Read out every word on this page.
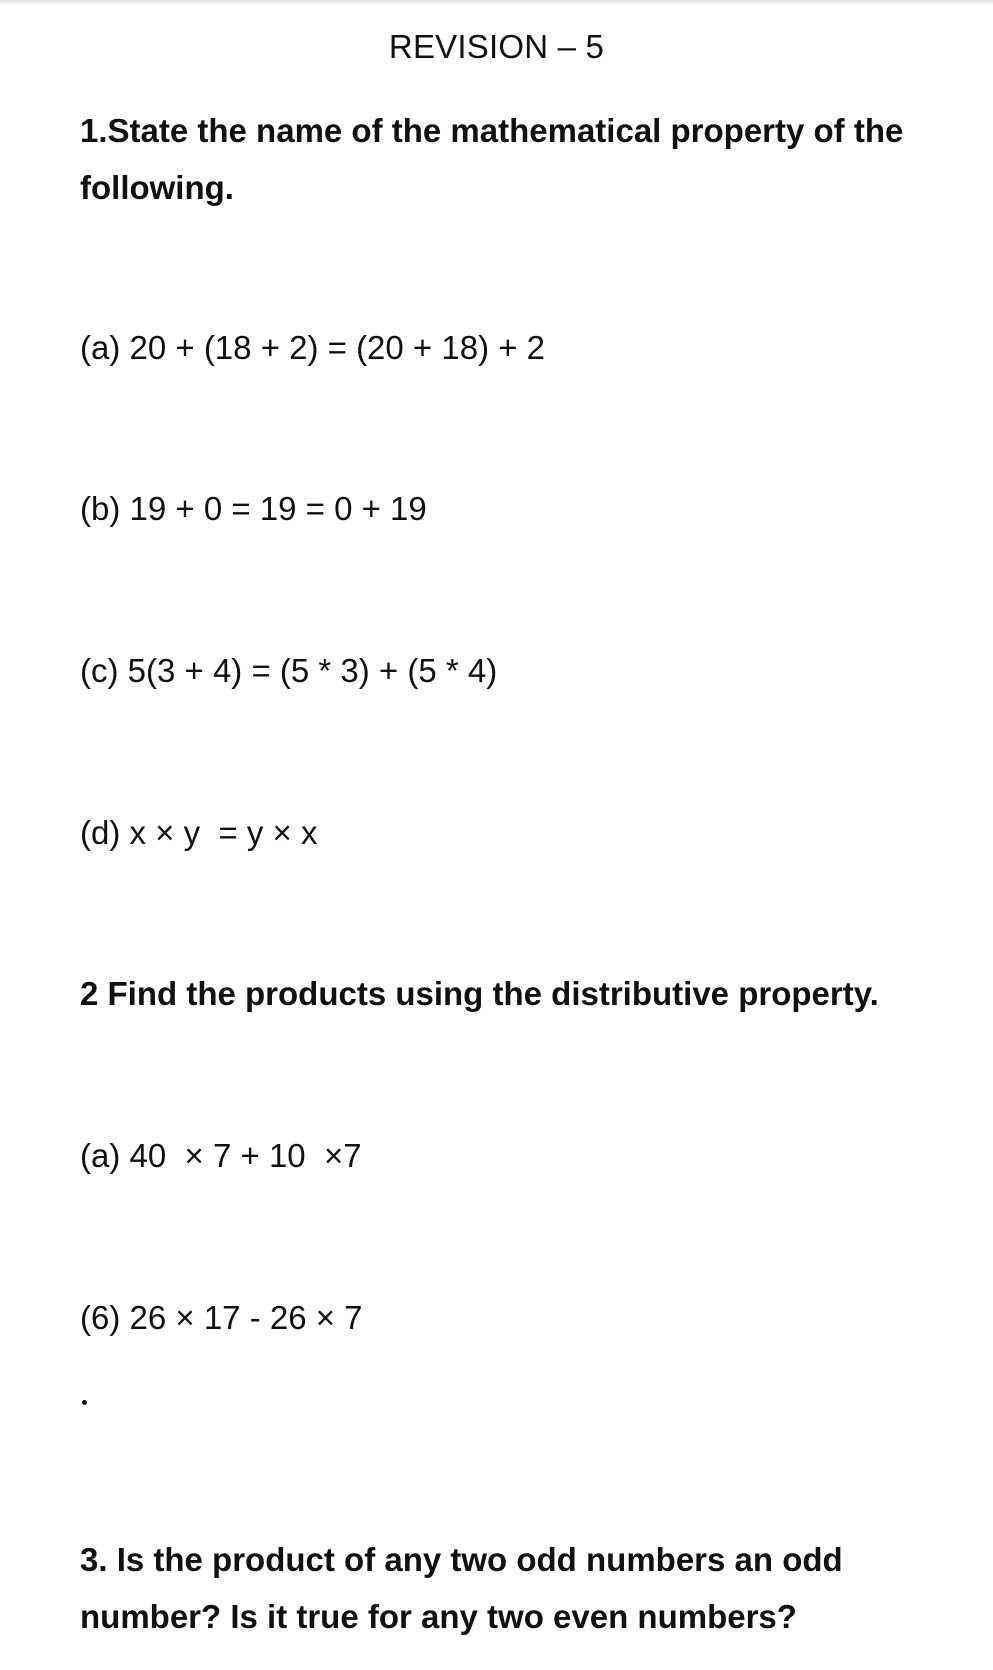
REVISION – 5
1.State the name of the mathematical property of the following.
(a) 20 + (18 + 2) = (20 + 18) + 2
(b) 19 + 0 = 19 = 0 + 19
(c) 5(3 + 4) = (5 * 3) + (5 * 4)
(d) x × y  = y × x
2 Find the products using the distributive property.
(a) 40  × 7 + 10  ×7
(6) 26 × 17 - 26 × 7
3. Is the product of any two odd numbers an odd number? Is it true for any two even numbers?
